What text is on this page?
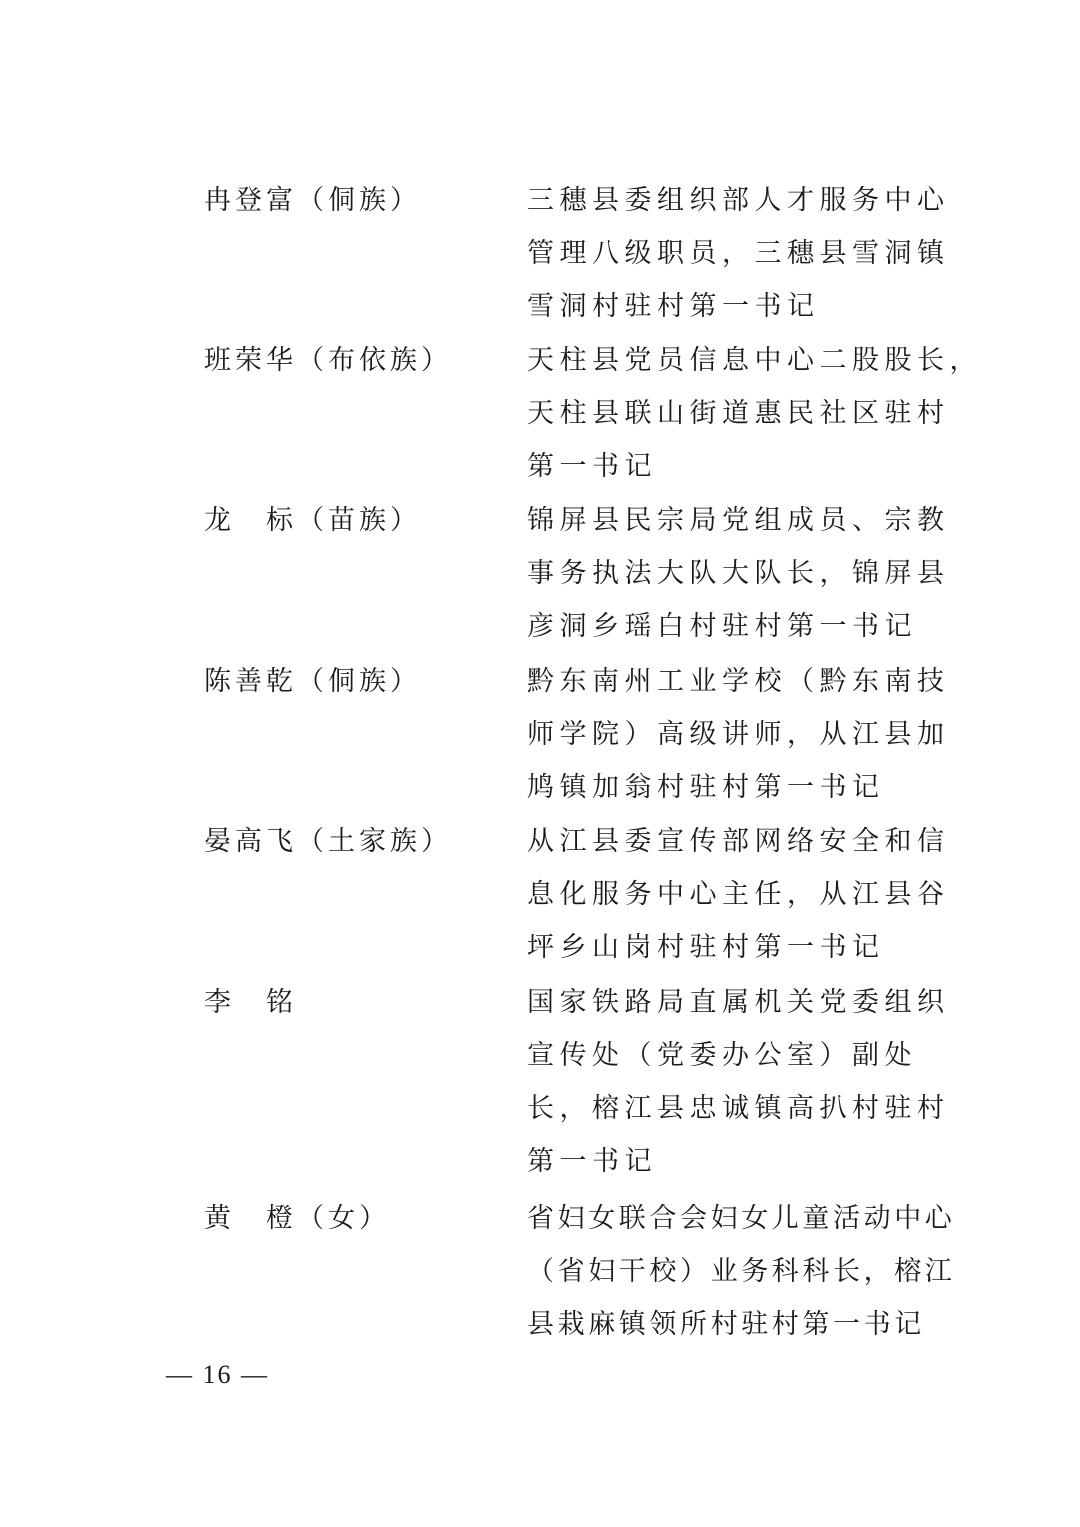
冉登富（侗族）	三穗县委组织部人才服务中心
管理八级职员，三穗县雪洞镇
雪洞村驻村第一书记
班荣华（布依族）	天柱县党员信息中心二股股长，
天柱县联山街道惠民社区驻村
第一书记
龙　标（苗族）	锦屏县民宗局党组成员、宗教
事务执法大队大队长，锦屏县
彦洞乡瑶白村驻村第一书记
陈善乾（侗族）	黔东南州工业学校（黔东南技
师学院）高级讲师，从江县加
鸠镇加翁村驻村第一书记
晏高飞（土家族）	从江县委宣传部网络安全和信
息化服务中心主任，从江县谷
坪乡山岗村驻村第一书记
李　铭	国家铁路局直属机关党委组织
宣传处（党委办公室）副处
长，榕江县忠诚镇高扒村驻村
第一书记
黄　橙（女）	省妇女联合会妇女儿童活动中心
（省妇干校）业务科科长，榕江
县栽麻镇领所村驻村第一书记
— 16 —
